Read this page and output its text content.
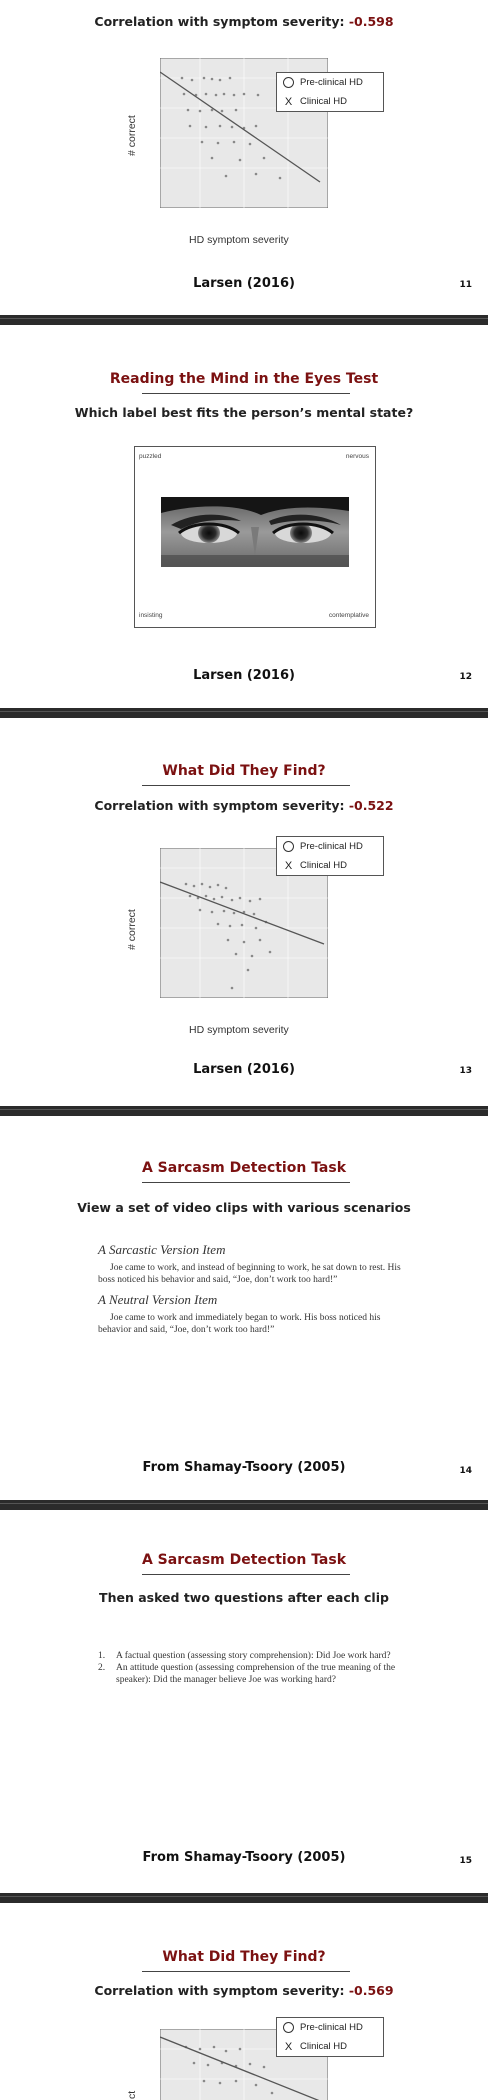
Correlation with symptom severity: -0.598
Pre-clinical HD
X Clinical HD
# correct
HD symptom severity
Larsen (2016)	11
Reading the Mind in the Eyes Test
Which label best fits the person’s mental state?
Larsen (2016)	12
puzzled	nervous
insisting	contemplative
What Did They Find?
Correlation with symptom severity: -0.522
Pre-clinical HD
X Clinical HD
# correct
HD symptom severity
Larsen (2016)	13
A Sarcasm Detection Task
View a set of video clips with various scenarios
A Sarcastic Version Item
Joe came to work, and instead of beginning to work, he sat down to rest. His boss noticed his behavior and said, “Joe, don’t work too hard!”
A Neutral Version Item
Joe came to work and immediately began to work. His boss noticed his behavior and said, “Joe, don’t work too hard!”
From Shamay-Tsoory (2005)	14
A Sarcasm Detection Task
Then asked two questions after each clip
1.	A factual question (assessing story comprehension): Did Joe work hard?
2.	An attitude question (assessing comprehension of the true meaning of the speaker): Did the manager believe Joe was working hard?
From Shamay-Tsoory (2005)	15
What Did They Find?
Correlation with symptom severity: -0.569
Pre-clinical HD
X Clinical HD
ct
